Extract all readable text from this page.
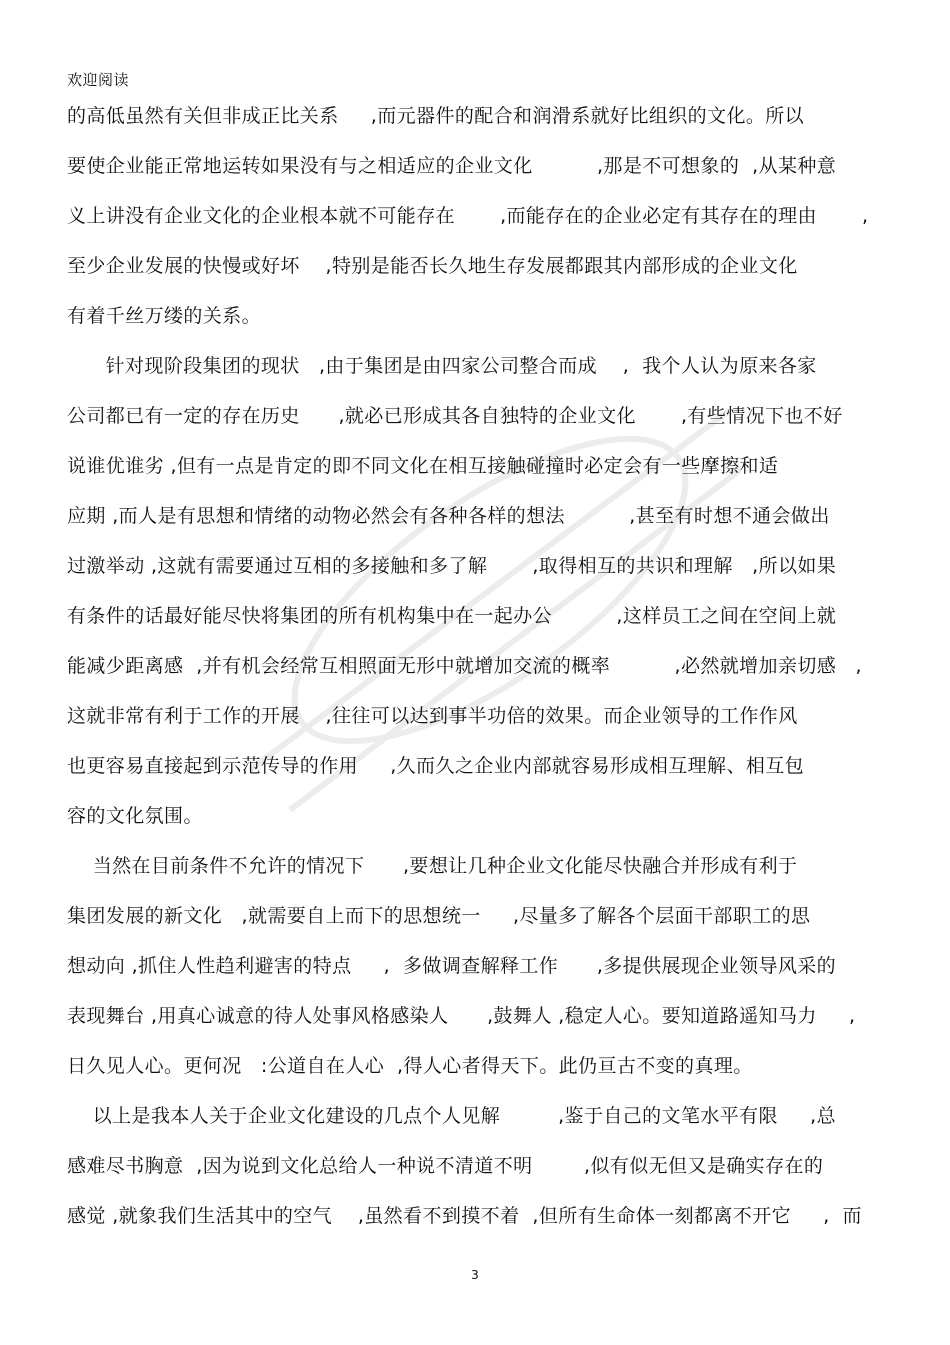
欢迎阅读
的高低虽然有关但非成正比关系     ,而元器件的配合和润滑系就好比组织的文化。所以
要使企业能正常地运转如果没有与之相适应的企业文化          ,那是不可想象的  ,从某种意
义上讲没有企业文化的企业根本就不可能存在       ,而能存在的企业必定有其存在的理由       ,
至少企业发展的快慢或好坏    ,特别是能否长久地生存发展都跟其内部形成的企业文化
有着千丝万缕的关系。
针对现阶段集团的现状   ,由于集团是由四家公司整合而成    ,  我个人认为原来各家
公司都已有一定的存在历史      ,就必已形成其各自独特的企业文化       ,有些情况下也不好
说谁优谁劣 ,但有一点是肯定的即不同文化在相互接触碰撞时必定会有一些摩擦和适
应期 ,而人是有思想和情绪的动物必然会有各种各样的想法          ,甚至有时想不通会做出
过激举动 ,这就有需要通过互相的多接触和多了解       ,取得相互的共识和理解   ,所以如果
有条件的话最好能尽快将集团的所有机构集中在一起办公          ,这样员工之间在空间上就
能减少距离感  ,并有机会经常互相照面无形中就增加交流的概率          ,必然就增加亲切感   ,
这就非常有利于工作的开展    ,往往可以达到事半功倍的效果。而企业领导的工作作风
也更容易直接起到示范传导的作用     ,久而久之企业内部就容易形成相互理解、相互包
容的文化氛围。
当然在目前条件不允许的情况下      ,要想让几种企业文化能尽快融合并形成有利于
集团发展的新文化   ,就需要自上而下的思想统一     ,尽量多了解各个层面干部职工的思
想动向 ,抓住人性趋利避害的特点     ,  多做调查解释工作      ,多提供展现企业领导风采的
表现舞台 ,用真心诚意的待人处事风格感染人      ,鼓舞人 ,稳定人心。要知道路遥知马力     ,
日久见人心。更何况   :公道自在人心  ,得人心者得天下。此仍亘古不变的真理。
以上是我本人关于企业文化建设的几点个人见解         ,鉴于自己的文笔水平有限     ,总
感难尽书胸意  ,因为说到文化总给人一种说不清道不明        ,似有似无但又是确实存在的
感觉 ,就象我们生活其中的空气    ,虽然看不到摸不着  ,但所有生命体一刻都离不开它     ,  而
3
